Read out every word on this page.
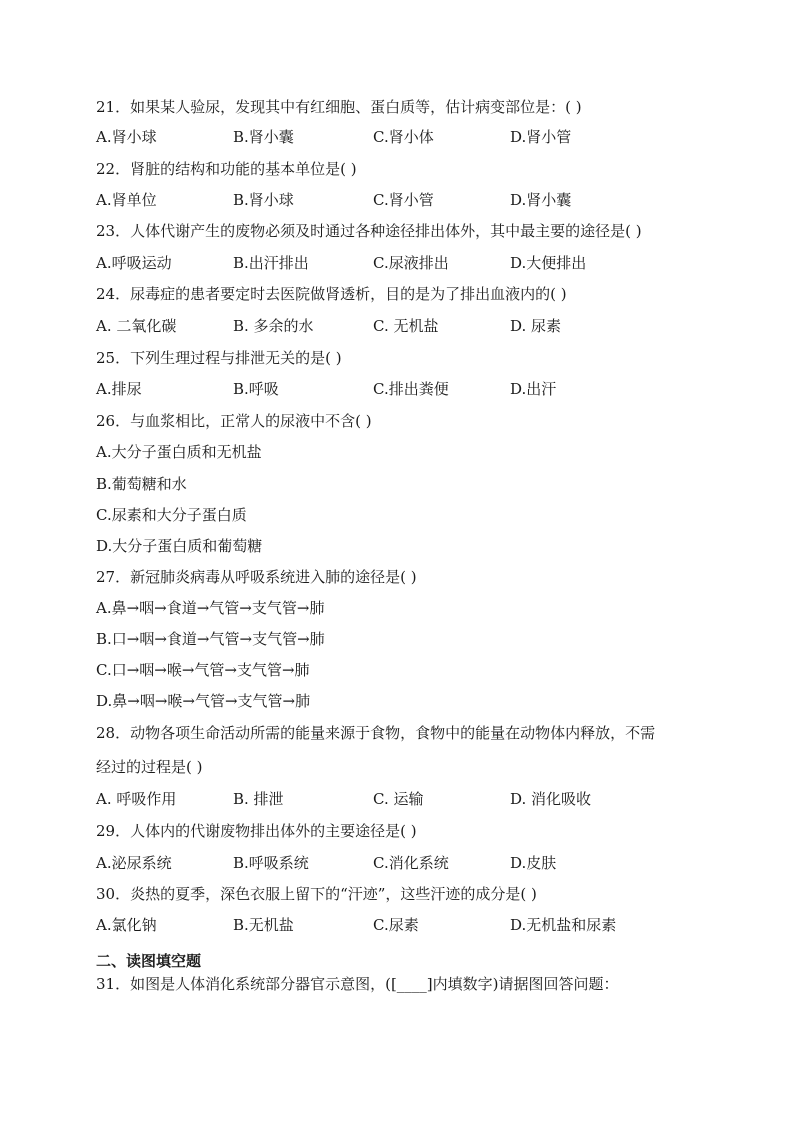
21．如果某人验尿，发现其中有红细胞、蛋白质等，估计病变部位是：( )
A.肾小球	B.肾小囊	C.肾小体	D.肾小管
22．肾脏的结构和功能的基本单位是( )
A.肾单位	B.肾小球	C.肾小管	D.肾小囊
23．人体代谢产生的废物必须及时通过各种途径排出体外，其中最主要的途径是( )
A.呼吸运动	B.出汗排出	C.尿液排出	D.大便排出
24．尿毒症的患者要定时去医院做肾透析，目的是为了排出血液内的( )
A. 二氧化碳	B. 多余的水	C. 无机盐	D. 尿素
25．下列生理过程与排泄无关的是( )
A.排尿	B.呼吸	C.排出粪便	D.出汗
26．与血浆相比，正常人的尿液中不含( )
A.大分子蛋白质和无机盐
B.葡萄糖和水
C.尿素和大分子蛋白质
D.大分子蛋白质和葡萄糖
27．新冠肺炎病毒从呼吸系统进入肺的途径是( )
A.鼻→咽→食道→气管→支气管→肺
B.口→咽→食道→气管→支气管→肺
C.口→咽→喉→气管→支气管→肺
D.鼻→咽→喉→气管→支气管→肺
28．动物各项生命活动所需的能量来源于食物，食物中的能量在动物体内释放，不需
经过的过程是( )
A. 呼吸作用	B. 排泄	C. 运输	D. 消化吸收
29．人体内的代谢废物排出体外的主要途径是( )
A.泌尿系统	B.呼吸系统	C.消化系统	D.皮肤
30．炎热的夏季，深色衣服上留下的“汗迹”，这些汗迹的成分是( )
A.氯化钠	B.无机盐	C.尿素	D.无机盐和尿素
二、读图填空题
31．如图是人体消化系统部分器官示意图，([____]内填数字)请据图回答问题：
